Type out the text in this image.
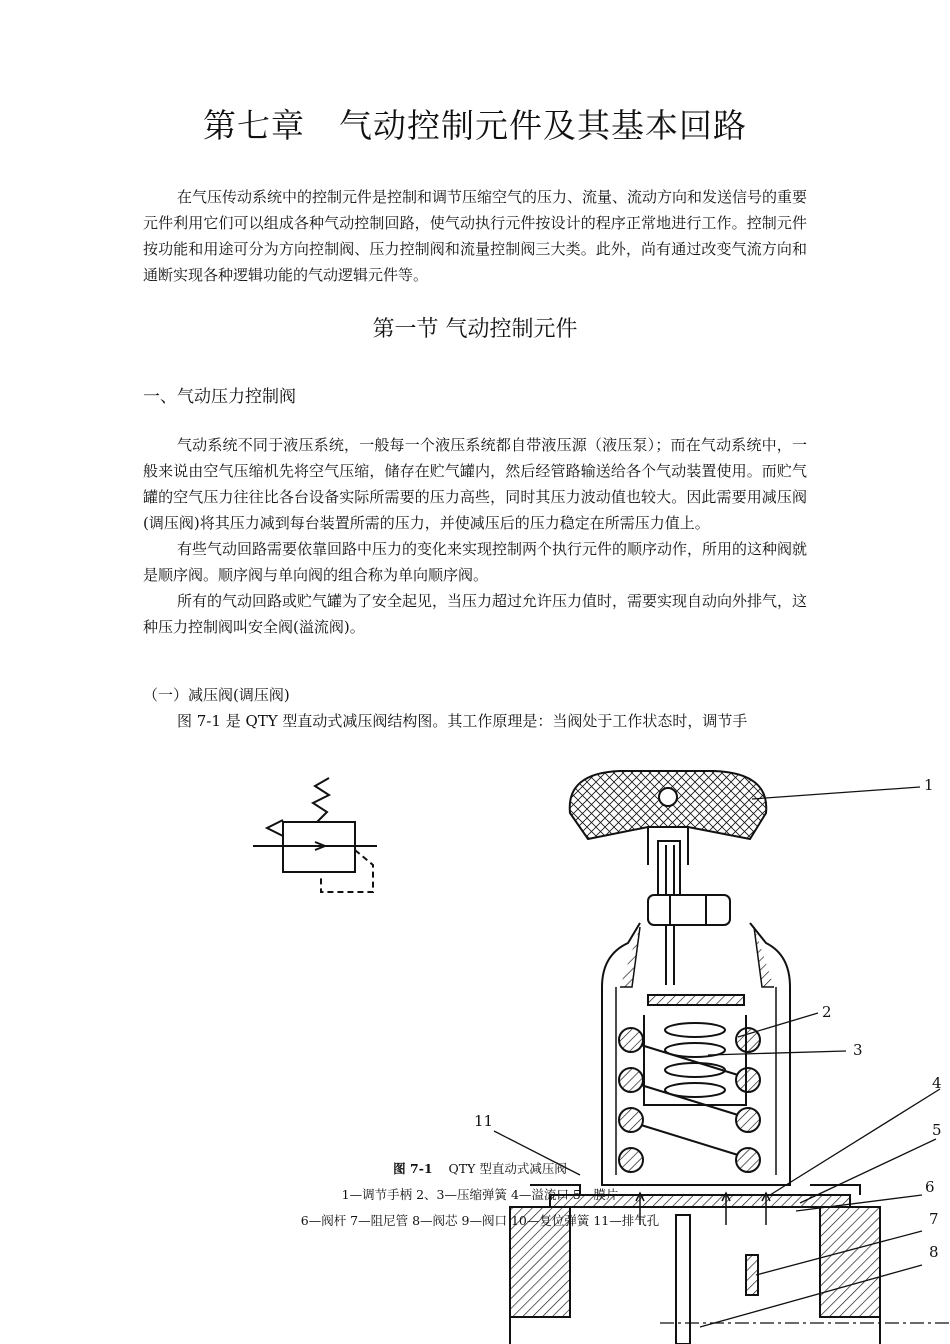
第七章　气动控制元件及其基本回路

在气压传动系统中的控制元件是控制和调节压缩空气的压力、流量、流动方向和发送信号的重要元件利用它们可以组成各种气动控制回路，使气动执行元件按设计的程序正常地进行工作。控制元件按功能和用途可分为方向控制阀、压力控制阀和流量控制阀三大类。此外，尚有通过改变气流方向和通断实现各种逻辑功能的气动逻辑元件等。

第一节 气动控制元件
一、气动压力控制阀

气动系统不同于液压系统，一般每一个液压系统都自带液压源（液压泵）；而在气动系统中，一般来说由空气压缩机先将空气压缩，储存在贮气罐内，然后经管路输送给各个气动装置使用。而贮气罐的空气压力往往比各台设备实际所需要的压力高些，同时其压力波动值也较大。因此需要用减压阀(调压阀)将其压力减到每台装置所需的压力，并使减压后的压力稳定在所需压力值上。

有些气动回路需要依靠回路中压力的变化来实现控制两个执行元件的顺序动作，所用的这种阀就是顺序阀。顺序阀与单向阀的组合称为单向顺序阀。

所有的气动回路或贮气罐为了安全起见，当压力超过允许压力值时，需要实现自动向外排气，这种压力控制阀叫安全阀(溢流阀)。

（一）减压阀(调压阀)

图 7-1 是 QTY 型直动式减压阀结构图。其工作原理是：当阀处于工作状态时，调节手

1
2
3
4
5
6
7
8
11
图 7-1 QTY 型直动式减压阀
1—调节手柄 2、3—压缩弹簧 4—溢流口 5—膜片
6—阀杆 7—阻尼管 8—阀芯 9—阀口 10—复位弹簧 11—排气孔
